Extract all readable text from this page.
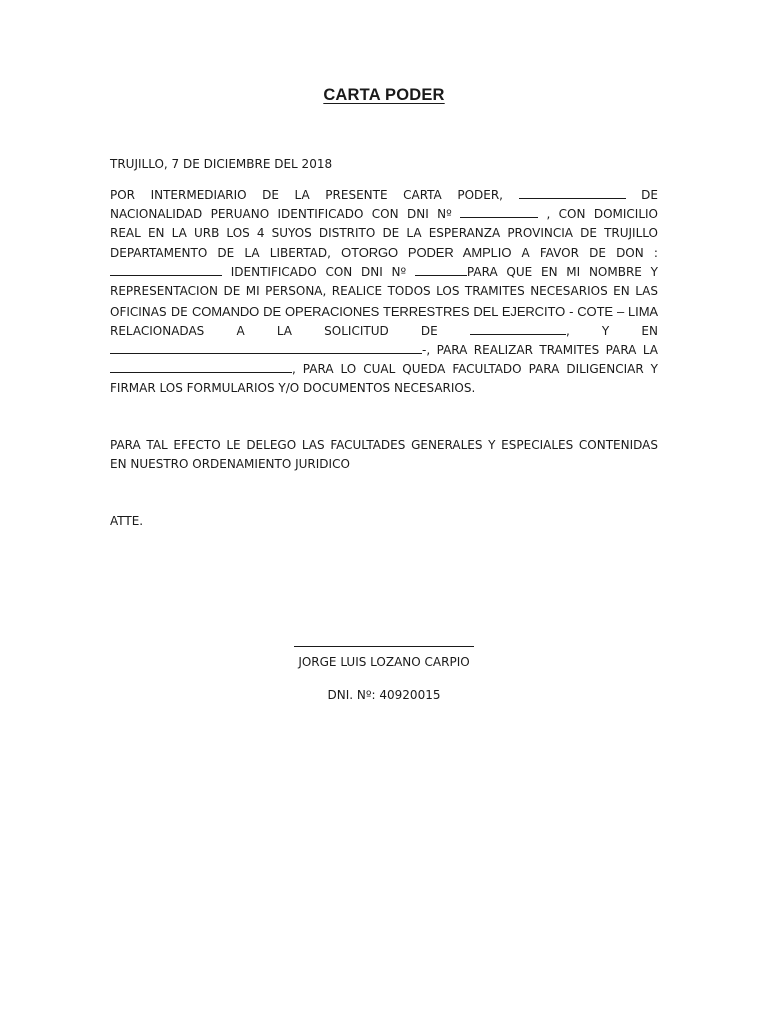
CARTA PODER

TRUJILLO, 7 DE DICIEMBRE DEL 2018

POR INTERMEDIARIO DE LA PRESENTE CARTA PODER,	DE
NACIONALIDAD PERUANO IDENTIFICADO CON DNI Nº	, CON DOMICILIO
REAL EN LA URB LOS 4 SUYOS DISTRITO DE LA ESPERANZA PROVINCIA DE TRUJILLO
DEPARTAMENTO DE LA LIBERTAD, OTORGO PODER AMPLIO A FAVOR DE DON :
IDENTIFICADO CON DNI Nº	PARA QUE EN MI NOMBRE Y
REPRESENTACION DE MI PERSONA, REALICE TODOS LOS TRAMITES NECESARIOS EN LAS
OFICINAS DE COMANDO DE OPERACIONES TERRESTRES DEL EJERCITO - COTE – LIMA
RELACIONADAS A LA SOLICITUD DE	, Y EN
-, PARA REALIZAR TRAMITES PARA LA
, PARA LO CUAL QUEDA FACULTADO PARA DILIGENCIAR Y
FIRMAR LOS FORMULARIOS Y/O DOCUMENTOS NECESARIOS.
PARA TAL EFECTO LE DELEGO LAS FACULTADES GENERALES Y ESPECIALES CONTENIDAS
EN NUESTRO ORDENAMIENTO JURIDICO

ATTE.

JORGE LUIS LOZANO CARPIO

DNI. Nº: 40920015
